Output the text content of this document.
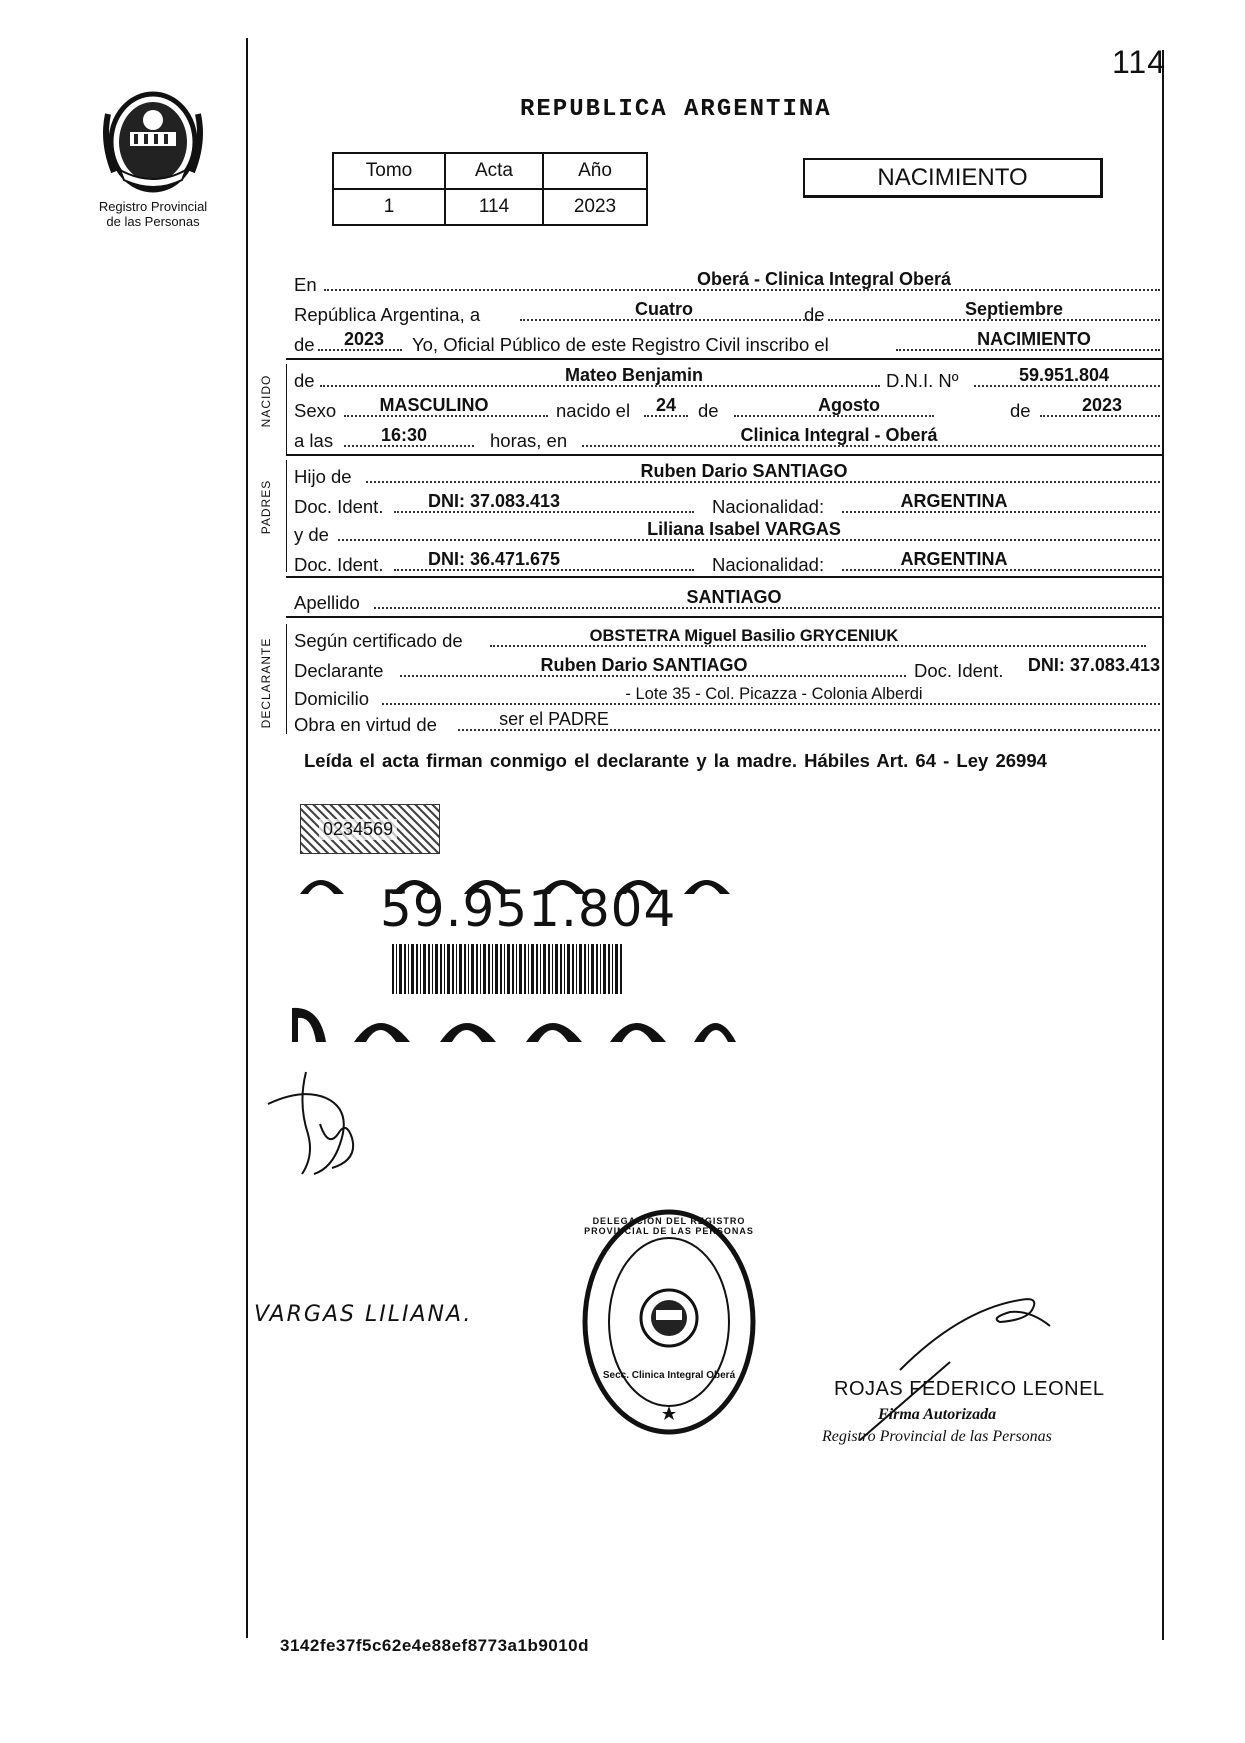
114
Registro Provincial
de las Personas
REPUBLICA ARGENTINA
Tomo	Acta	Año
1	114	2023
NACIMIENTO
En	Oberá - Clinica Integral Oberá
República Argentina, a	Cuatro	de	Septiembre
de	2023	Yo, Oficial Público de este Registro Civil inscribo el	NACIMIENTO
NACIDO de	Mateo Benjamin	D.N.I. Nº	59.951.804
Sexo	MASCULINO	nacido el	24	de	Agosto	de	2023
a las	16:30	horas, en	Clinica Integral - Oberá
PADRES
Hijo de	Ruben Dario SANTIAGO
Doc. Ident.	DNI: 37.083.413	Nacionalidad:	ARGENTINA
y de	Liliana Isabel VARGAS
Doc. Ident.	DNI: 36.471.675	Nacionalidad:	ARGENTINA
Apellido	SANTIAGO
DECLARANTE Según certificado de	OBSTETRA Miguel Basilio GRYCENIUK
Declarante	Ruben Dario SANTIAGO	Doc. Ident.	DNI: 37.083.413
Domicilio	- Lote 35 - Col. Picazza - Colonia Alberdi
Obra en virtud de	ser el PADRE
Leída el acta firman conmigo el declarante y la madre. Hábiles Art. 64 - Ley 26994
0234569
59.951.804
VARGAS LILIANA.
DELEGACION DEL REGISTRO PROVINCIAL DE LAS PERSONAS
Secc. Clinica Integral Oberá
ROJAS FEDERICO LEONEL
Firma Autorizada
Registro Provincial de las Personas
3142fe37f5c62e4e88ef8773a1b9010d
